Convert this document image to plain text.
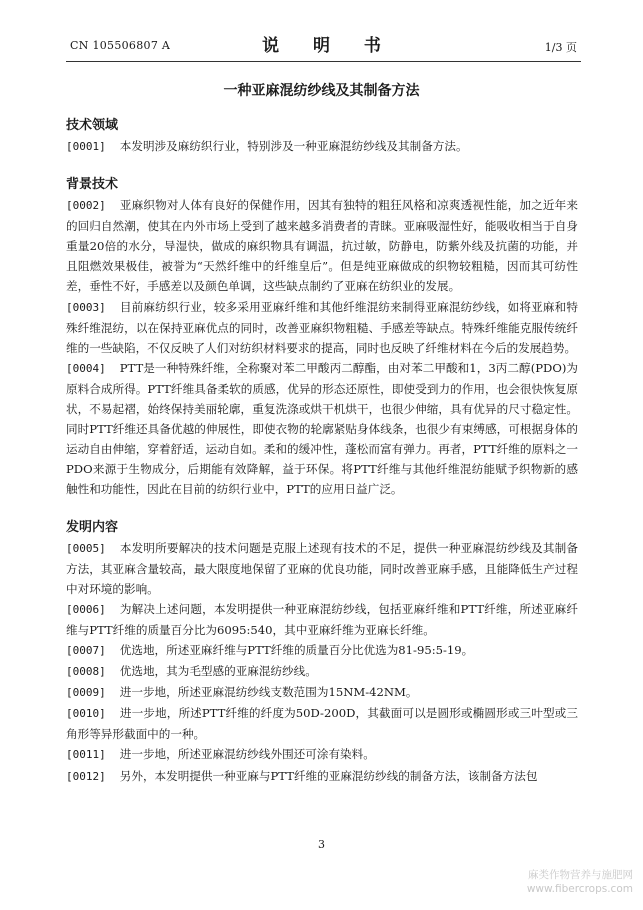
CN 105506807 A	说 明 书	1/3 页
一种亚麻混纺纱线及其制备方法
技术领域

[0001] 本发明涉及麻纺织行业，特别涉及一种亚麻混纺纱线及其制备方法。

背景技术

[0002] 亚麻织物对人体有良好的保健作用，因其有独特的粗狂风格和凉爽透视性能，加之近年来的回归自然潮，使其在内外市场上受到了越来越多消费者的青睐。亚麻吸湿性好，能吸收相当于自身重量20倍的水分，导湿快，做成的麻织物具有调温，抗过敏，防静电，防紫外线及抗菌的功能，并且阻燃效果极佳，被誉为“天然纤维中的纤维皇后”。但是纯亚麻做成的织物较粗糙，因而其可纺性差，垂性不好，手感差以及颜色单调，这些缺点制约了亚麻在纺织业的发展。

[0003] 目前麻纺织行业，较多采用亚麻纤维和其他纤维混纺来制得亚麻混纺纱线，如将亚麻和特殊纤维混纺，以在保持亚麻优点的同时，改善亚麻织物粗糙、手感差等缺点。特殊纤维能克服传统纤维的一些缺陷，不仅反映了人们对纺织材料要求的提高，同时也反映了纤维材料在今后的发展趋势。

[0004] PTT是一种特殊纤维，全称聚对苯二甲酸丙二醇酯，由对苯二甲酸和1，3丙二醇(PDO)为原料合成所得。PTT纤维具备柔软的质感，优异的形态还原性，即使受到力的作用，也会很快恢复原状，不易起褶，始终保持美丽轮廓，重复洗涤或烘干机烘干，也很少伸缩，具有优异的尺寸稳定性。同时PTT纤维还具备优越的伸展性，即使衣物的轮廓紧贴身体线条，也很少有束缚感，可根据身体的运动自由伸缩，穿着舒适，运动自如。柔和的缓冲性，蓬松而富有弹力。再者，PTT纤维的原料之一PDO来源于生物成分，后期能有效降解，益于环保。将PTT纤维与其他纤维混纺能赋予织物新的感触性和功能性，因此在目前的纺织行业中，PTT的应用日益广泛。

发明内容

[0005] 本发明所要解决的技术问题是克服上述现有技术的不足，提供一种亚麻混纺纱线及其制备方法，其亚麻含量较高，最大限度地保留了亚麻的优良功能，同时改善亚麻手感，且能降低生产过程中对环境的影响。

[0006] 为解决上述问题，本发明提供一种亚麻混纺纱线，包括亚麻纤维和PTT纤维，所述亚麻纤维与PTT纤维的质量百分比为6095:540，其中亚麻纤维为亚麻长纤维。

[0007] 优选地，所述亚麻纤维与PTT纤维的质量百分比优选为81-95:5-19。

[0008] 优选地，其为毛型感的亚麻混纺纱线。

[0009] 进一步地，所述亚麻混纺纱线支数范围为15NM-42NM。

[0010] 进一步地，所述PTT纤维的纤度为50D-200D，其截面可以是圆形或椭圆形或三叶型或三角形等异形截面中的一种。

[0011] 进一步地，所述亚麻混纺纱线外围还可涂有染料。

[0012] 另外，本发明提供一种亚麻与PTT纤维的亚麻混纺纱线的制备方法，该制备方法包

3
麻类作物营养与施肥网
www.fibercrops.com
